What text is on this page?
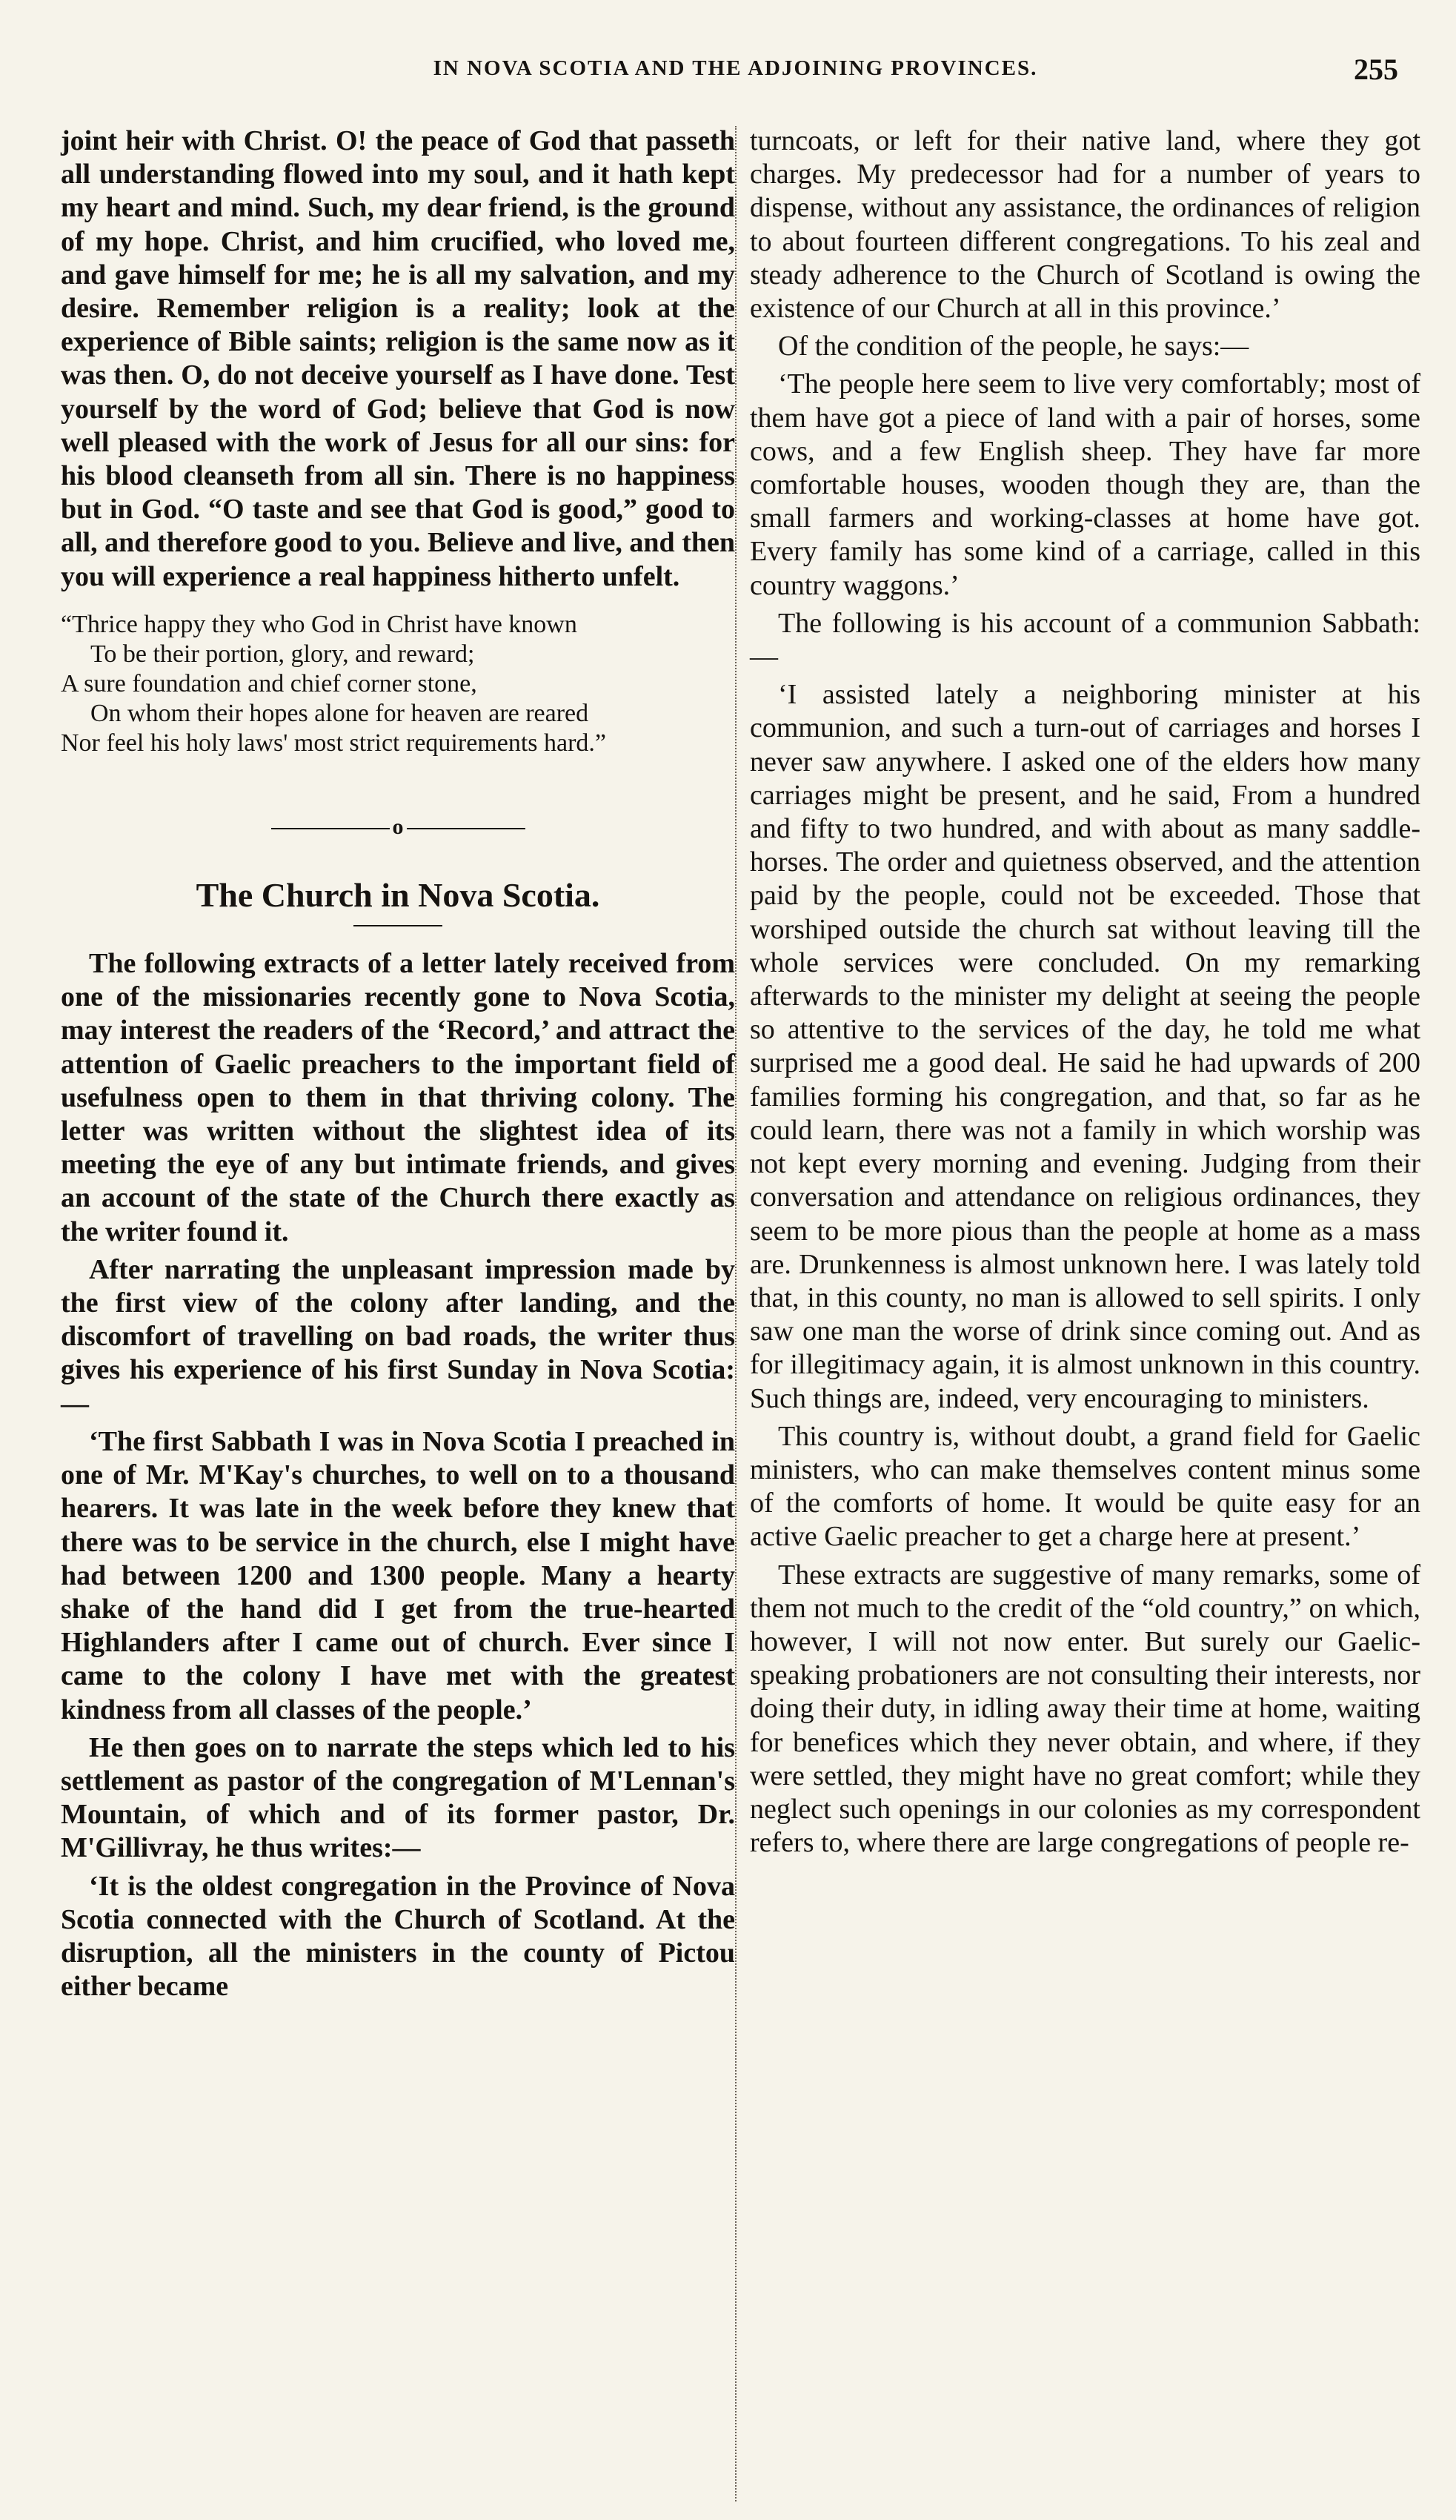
IN NOVA SCOTIA AND THE ADJOINING PROVINCES.	255

joint heir with Christ. O! the peace of God that passeth all understanding flowed into my soul, and it hath kept my heart and mind. Such, my dear friend, is the ground of my hope. Christ, and him crucified, who loved me, and gave himself for me; he is all my salvation, and my desire. Remember religion is a reality; look at the experience of Bible saints; religion is the same now as it was then. O, do not deceive yourself as I have done. Test yourself by the word of God; believe that God is now well pleased with the work of Jesus for all our sins: for his blood cleanseth from all sin. There is no happiness but in God. “O taste and see that God is good,” good to all, and therefore good to you. Believe and live, and then you will experience a real happiness hitherto unfelt.

“Thrice happy they who God in Christ have known

To be their portion, glory, and reward;

A sure foundation and chief corner stone,

On whom their hopes alone for heaven are reared

Nor feel his holy laws' most strict requirements hard.”

o
The Church in Nova Scotia.

The following extracts of a letter lately received from one of the missionaries recently gone to Nova Scotia, may interest the readers of the ‘Record,’ and attract the attention of Gaelic preachers to the important field of usefulness open to them in that thriving colony. The letter was written without the slightest idea of its meeting the eye of any but intimate friends, and gives an account of the state of the Church there exactly as the writer found it.

After narrating the unpleasant impression made by the first view of the colony after landing, and the discomfort of travelling on bad roads, the writer thus gives his experience of his first Sunday in Nova Scotia:—

‘The first Sabbath I was in Nova Scotia I preached in one of Mr. M'Kay's churches, to well on to a thousand hearers. It was late in the week before they knew that there was to be service in the church, else I might have had between 1200 and 1300 people. Many a hearty shake of the hand did I get from the true-hearted Highlanders after I came out of church. Ever since I came to the colony I have met with the greatest kindness from all classes of the people.’

He then goes on to narrate the steps which led to his settlement as pastor of the congregation of M'Lennan's Mountain, of which and of its former pastor, Dr. M'Gillivray, he thus writes:—

‘It is the oldest congregation in the Province of Nova Scotia connected with the Church of Scotland. At the disruption, all the ministers in the county of Pictou either became

turncoats, or left for their native land, where they got charges. My predecessor had for a number of years to dispense, without any assistance, the ordinances of religion to about fourteen different congregations. To his zeal and steady adherence to the Church of Scotland is owing the existence of our Church at all in this province.’

Of the condition of the people, he says:—

‘The people here seem to live very comfortably; most of them have got a piece of land with a pair of horses, some cows, and a few English sheep. They have far more comfortable houses, wooden though they are, than the small farmers and working-classes at home have got. Every family has some kind of a carriage, called in this country waggons.’

The following is his account of a communion Sabbath:—

‘I assisted lately a neighboring minister at his communion, and such a turn-out of carriages and horses I never saw anywhere. I asked one of the elders how many carriages might be present, and he said, From a hundred and fifty to two hundred, and with about as many saddle-horses. The order and quietness observed, and the attention paid by the people, could not be exceeded. Those that worshiped outside the church sat without leaving till the whole services were concluded. On my remarking afterwards to the minister my delight at seeing the people so attentive to the services of the day, he told me what surprised me a good deal. He said he had upwards of 200 families forming his congregation, and that, so far as he could learn, there was not a family in which worship was not kept every morning and evening. Judging from their conversation and attendance on religious ordinances, they seem to be more pious than the people at home as a mass are. Drunkenness is almost unknown here. I was lately told that, in this county, no man is allowed to sell spirits. I only saw one man the worse of drink since coming out. And as for illegitimacy again, it is almost unknown in this country. Such things are, indeed, very encouraging to ministers.

This country is, without doubt, a grand field for Gaelic ministers, who can make themselves content minus some of the comforts of home. It would be quite easy for an active Gaelic preacher to get a charge here at present.’

These extracts are suggestive of many remarks, some of them not much to the credit of the “old country,” on which, however, I will not now enter. But surely our Gaelic-speaking probationers are not consulting their interests, nor doing their duty, in idling away their time at home, waiting for benefices which they never obtain, and where, if they were settled, they might have no great comfort; while they neglect such openings in our colonies as my correspondent refers to, where there are large congregations of people re-
